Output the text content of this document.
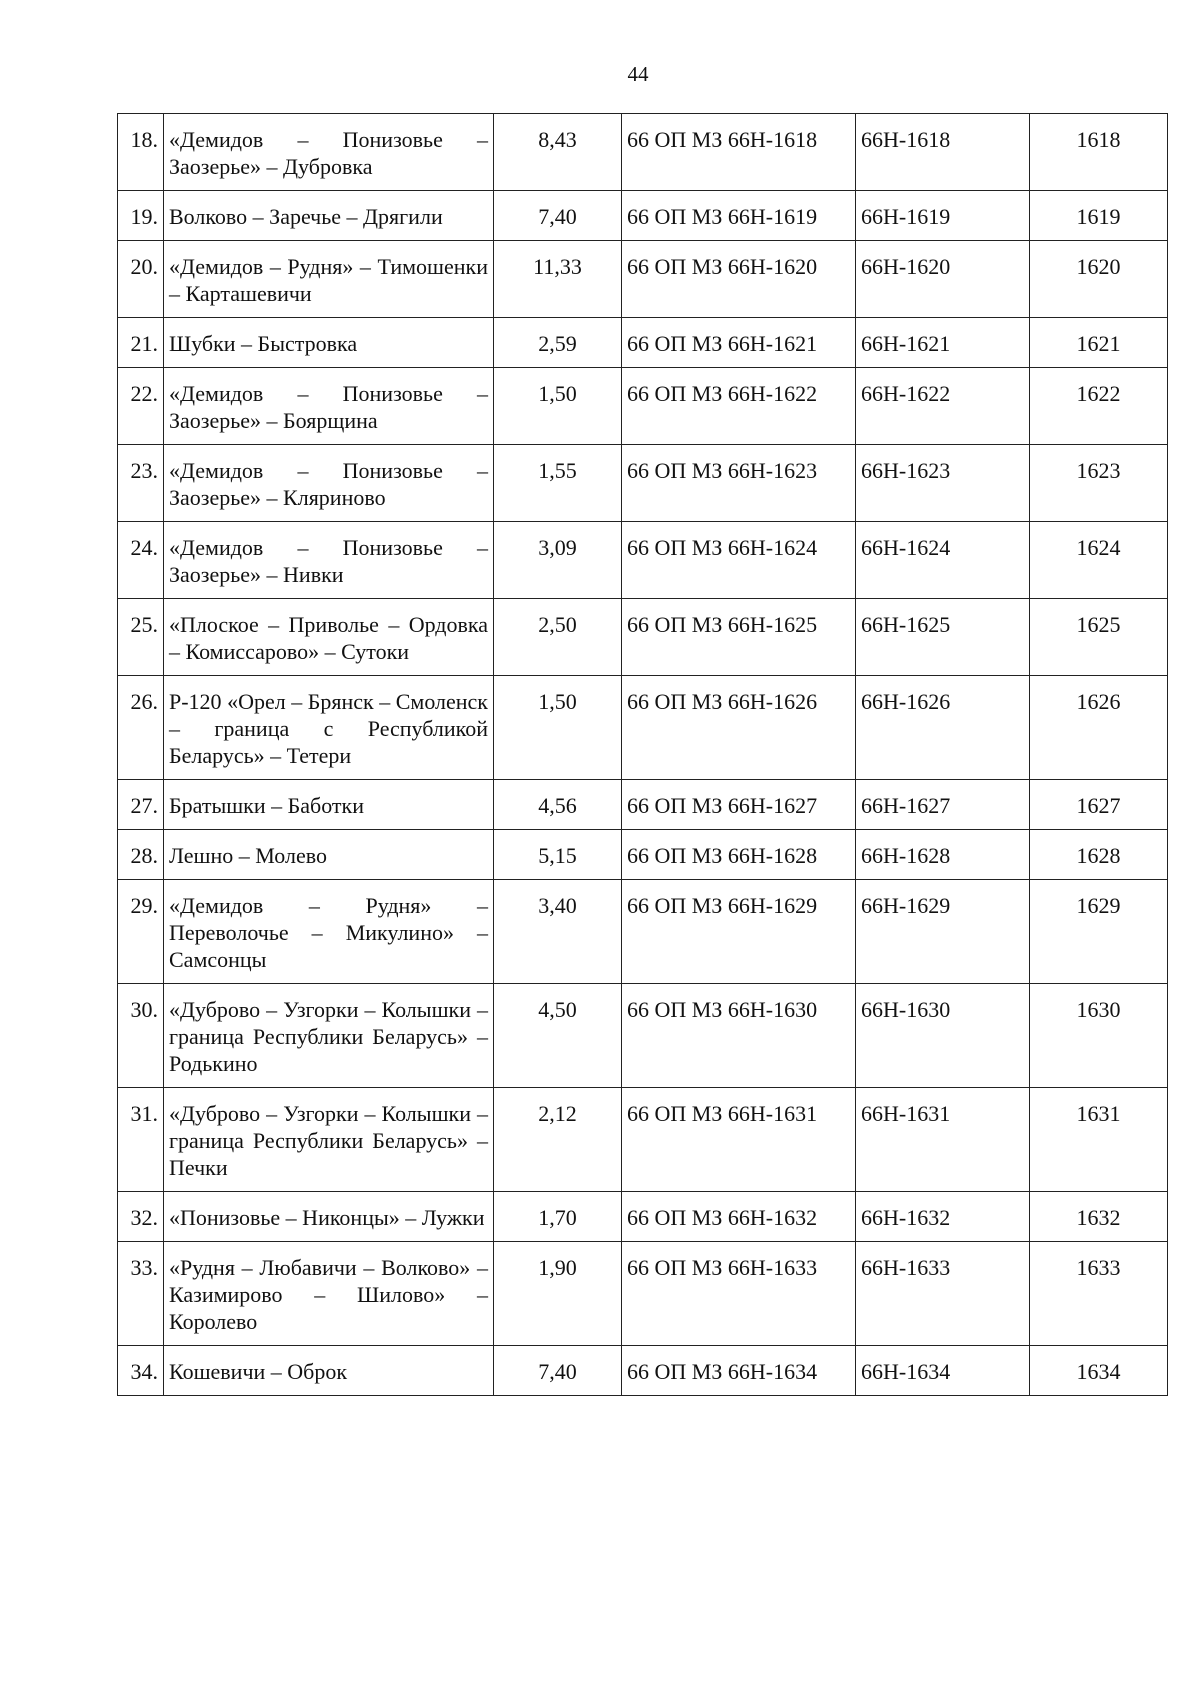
44
18.	«Демидов – Понизовье – Заозерье» – Дубровка	8,43	66 ОП МЗ 66Н-1618	66Н-1618	1618
19.	Волково – Заречье – Дрягили	7,40	66 ОП МЗ 66Н-1619	66Н-1619	1619
20.	«Демидов – Рудня» – Тимошенки – Карташевичи	11,33	66 ОП МЗ 66Н-1620	66Н-1620	1620
21.	Шубки – Быстровка	2,59	66 ОП МЗ 66Н-1621	66Н-1621	1621
22.	«Демидов – Понизовье – Заозерье» – Боярщина	1,50	66 ОП МЗ 66Н-1622	66Н-1622	1622
23.	«Демидов – Понизовье – Заозерье» – Кляриново	1,55	66 ОП МЗ 66Н-1623	66Н-1623	1623
24.	«Демидов – Понизовье – Заозерье» – Нивки	3,09	66 ОП МЗ 66Н-1624	66Н-1624	1624
25.	«Плоское – Приволье – Ордовка – Комиссарово» – Сутоки	2,50	66 ОП МЗ 66Н-1625	66Н-1625	1625
26.	Р-120 «Орел – Брянск – Смоленск – граница с Республикой Беларусь» – Тетери	1,50	66 ОП МЗ 66Н-1626	66Н-1626	1626
27.	Братышки – Баботки	4,56	66 ОП МЗ 66Н-1627	66Н-1627	1627
28.	Лешно – Молево	5,15	66 ОП МЗ 66Н-1628	66Н-1628	1628
29.	«Демидов – Рудня» – Переволочье – Микулино» – Самсонцы	3,40	66 ОП МЗ 66Н-1629	66Н-1629	1629
30.	«Дуброво – Узгорки – Колышки – граница Республики Беларусь» – Родькино	4,50	66 ОП МЗ 66Н-1630	66Н-1630	1630
31.	«Дуброво – Узгорки – Колышки – граница Республики Беларусь» – Печки	2,12	66 ОП МЗ 66Н-1631	66Н-1631	1631
32.	«Понизовье – Никонцы» – Лужки	1,70	66 ОП МЗ 66Н-1632	66Н-1632	1632
33.	«Рудня – Любавичи – Волково» – Казимирово – Шилово» – Королево	1,90	66 ОП МЗ 66Н-1633	66Н-1633	1633
34.	Кошевичи – Оброк	7,40	66 ОП МЗ 66Н-1634	66Н-1634	1634
